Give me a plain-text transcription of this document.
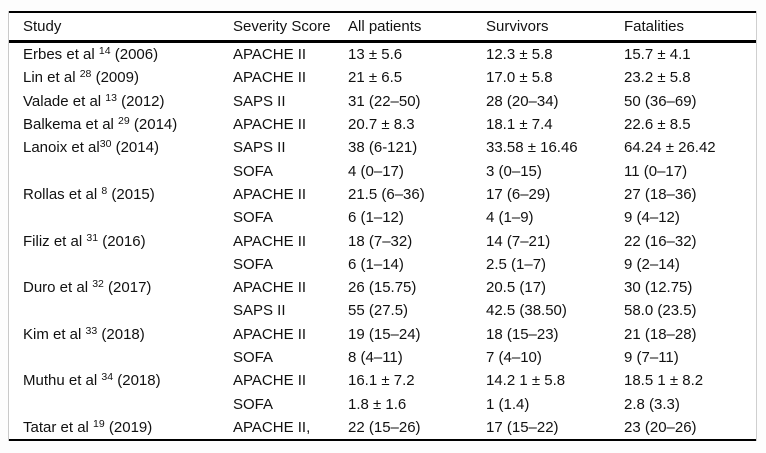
Study	Severity Score	All patients	Survivors	Fatalities
Erbes et al $^{14}$ (2006)	APACHE II	13 ± 5.6	12.3 ± 5.8	15.7 ± 4.1
Lin et al $^{28}$ (2009)	APACHE II	21 ± 6.5	17.0 ± 5.8	23.2 ± 5.8
Valade et al $^{13}$ (2012)	SAPS II	31 (22–50)	28 (20–34)	50 (36–69)
Balkema et al $^{29}$ (2014)	APACHE II	20.7 ± 8.3	18.1 ± 7.4	22.6 ± 8.5
Lanoix et al$^{30}$ (2014)	SAPS II	38 (6-121)	33.58 ± 16.46	64.24 ± 26.42
	SOFA	4 (0–17)	3 (0–15)	11 (0–17)
Rollas et al $^8$ (2015)	APACHE II	21.5 (6–36)	17 (6–29)	27 (18–36)
	SOFA	6 (1–12)	4 (1–9)	9 (4–12)
Filiz et al $^{31}$ (2016)	APACHE II	18 (7–32)	14 (7–21)	22 (16–32)
	SOFA	6 (1–14)	2.5 (1–7)	9 (2–14)
Duro et al $^{32}$ (2017)	APACHE II	26 (15.75)	20.5 (17)	30 (12.75)
	SAPS II	55 (27.5)	42.5 (38.50)	58.0 (23.5)
Kim et al $^{33}$ (2018)	APACHE II	19 (15–24)	18 (15–23)	21 (18–28)
	SOFA	8 (4–11)	7 (4–10)	9 (7–11)
Muthu et al $^{34}$ (2018)	APACHE II	16.1 ± 7.2	14.2 1 ± 5.8	18.5 1 ± 8.2
	SOFA	1.8 ± 1.6	1 (1.4)	2.8 (3.3)
Tatar et al $^{19}$ (2019)	APACHE II,	22 (15–26)	17 (15–22)	23 (20–26)
